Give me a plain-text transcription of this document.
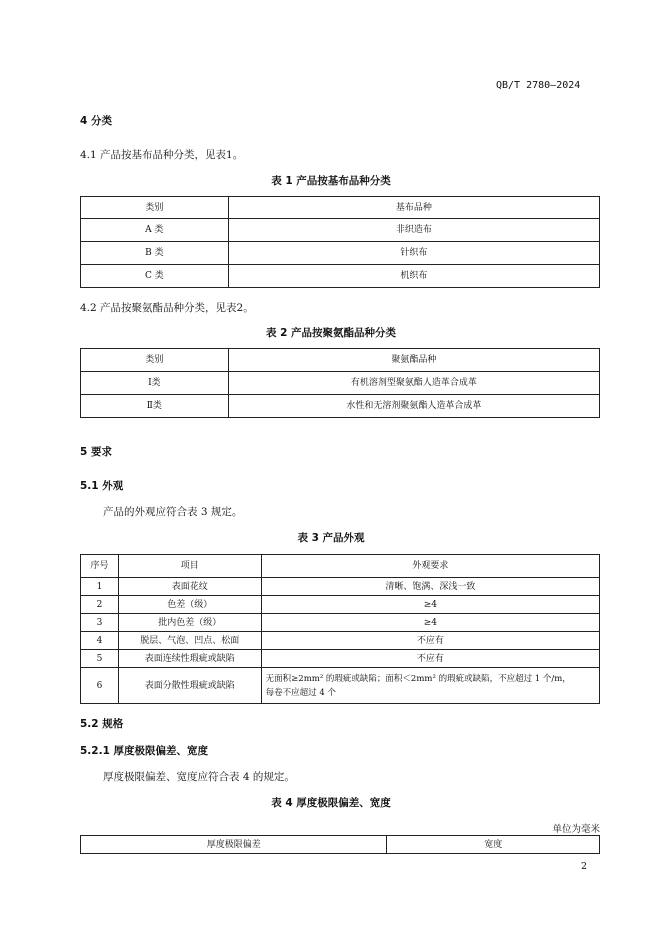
QB/T 2780—2024
4 分类
4.1 产品按基布品种分类，见表1。
表 1 产品按基布品种分类
类别	基布品种
A 类	非织造布
B 类	针织布
C 类	机织布
4.2 产品按聚氨酯品种分类，见表2。
表 2 产品按聚氨酯品种分类
类别	聚氨酯品种
Ⅰ类	有机溶剂型聚氨酯人造革合成革
Ⅱ类	水性和无溶剂聚氨酯人造革合成革
5 要求
5.1 外观
产品的外观应符合表 3 规定。
表 3 产品外观
序号	项目	外观要求
1	表面花纹	清晰、饱满、深浅一致
2	色差（级）	≥4
3	批内色差（级）	≥4
4	脱层、气泡、凹点、松面	不应有
5	表面连续性瑕疵或缺陷	不应有
6	表面分散性瑕疵或缺陷	无面积≥2mm² 的瑕疵或缺陷；面积＜2mm² 的瑕疵或缺陷，不应超过 1 个/m，
每卷不应超过 4 个
5.2 规格
5.2.1 厚度极限偏差、宽度
厚度极限偏差、宽度应符合表 4 的规定。
表 4 厚度极限偏差、宽度
单位为毫米
厚度极限偏差	宽度
2
